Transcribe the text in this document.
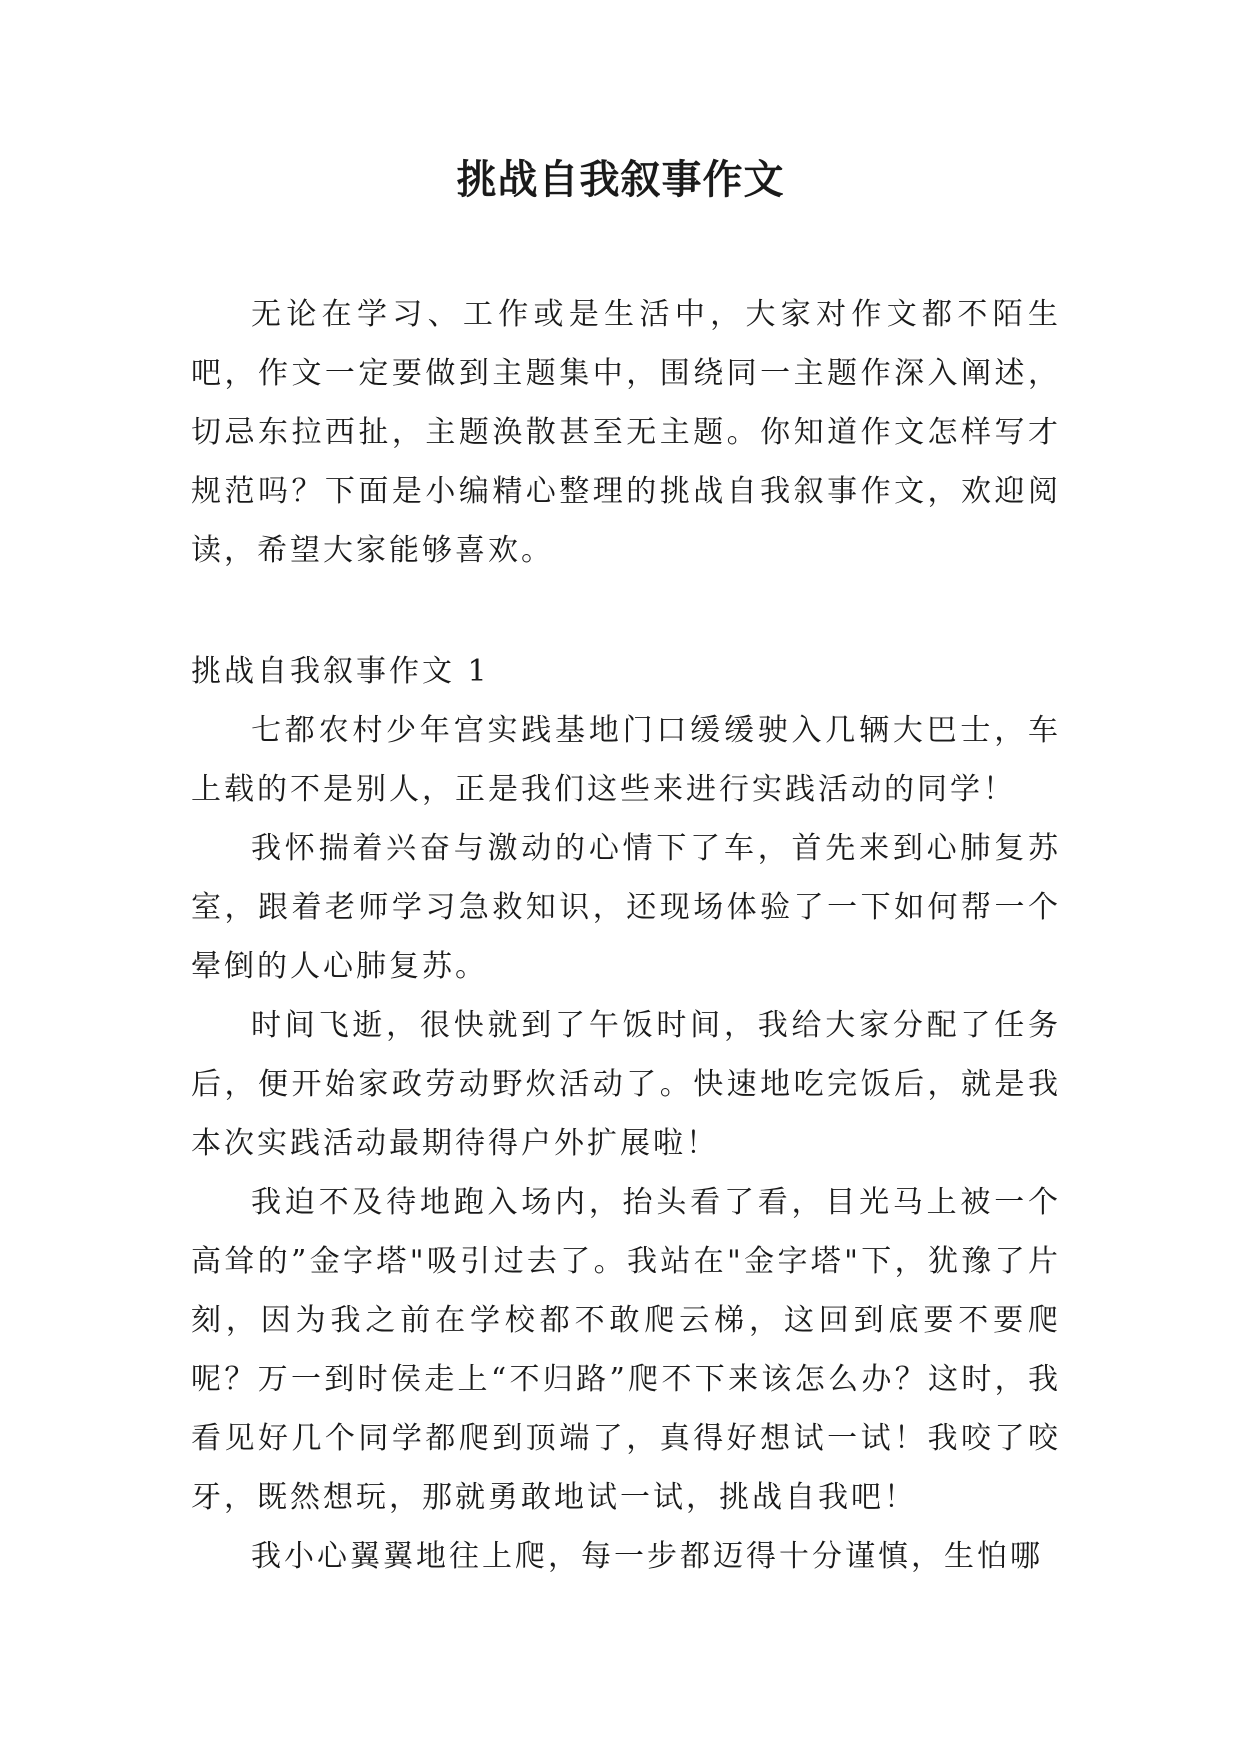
挑战自我叙事作文

无论在学习、工作或是生活中，大家对作文都不陌生吧，作文一定要做到主题集中，围绕同一主题作深入阐述，切忌东拉西扯，主题涣散甚至无主题。你知道作文怎样写才规范吗？下面是小编精心整理的挑战自我叙事作文，欢迎阅读，希望大家能够喜欢。

挑战自我叙事作文 1

七都农村少年宫实践基地门口缓缓驶入几辆大巴士，车上载的不是别人，正是我们这些来进行实践活动的同学！

我怀揣着兴奋与激动的心情下了车，首先来到心肺复苏室，跟着老师学习急救知识，还现场体验了一下如何帮一个晕倒的人心肺复苏。

时间飞逝，很快就到了午饭时间，我给大家分配了任务后，便开始家政劳动野炊活动了。快速地吃完饭后，就是我本次实践活动最期待得户外扩展啦！

我迫不及待地跑入场内，抬头看了看，目光马上被一个高耸的”金字塔"吸引过去了。我站在"金字塔"下，犹豫了片刻，因为我之前在学校都不敢爬云梯，这回到底要不要爬呢？万一到时侯走上“不归路”爬不下来该怎么办？这时，我看见好几个同学都爬到顶端了，真得好想试一试！我咬了咬牙，既然想玩，那就勇敢地试一试，挑战自我吧！

我小心翼翼地往上爬，每一步都迈得十分谨慎，生怕哪
